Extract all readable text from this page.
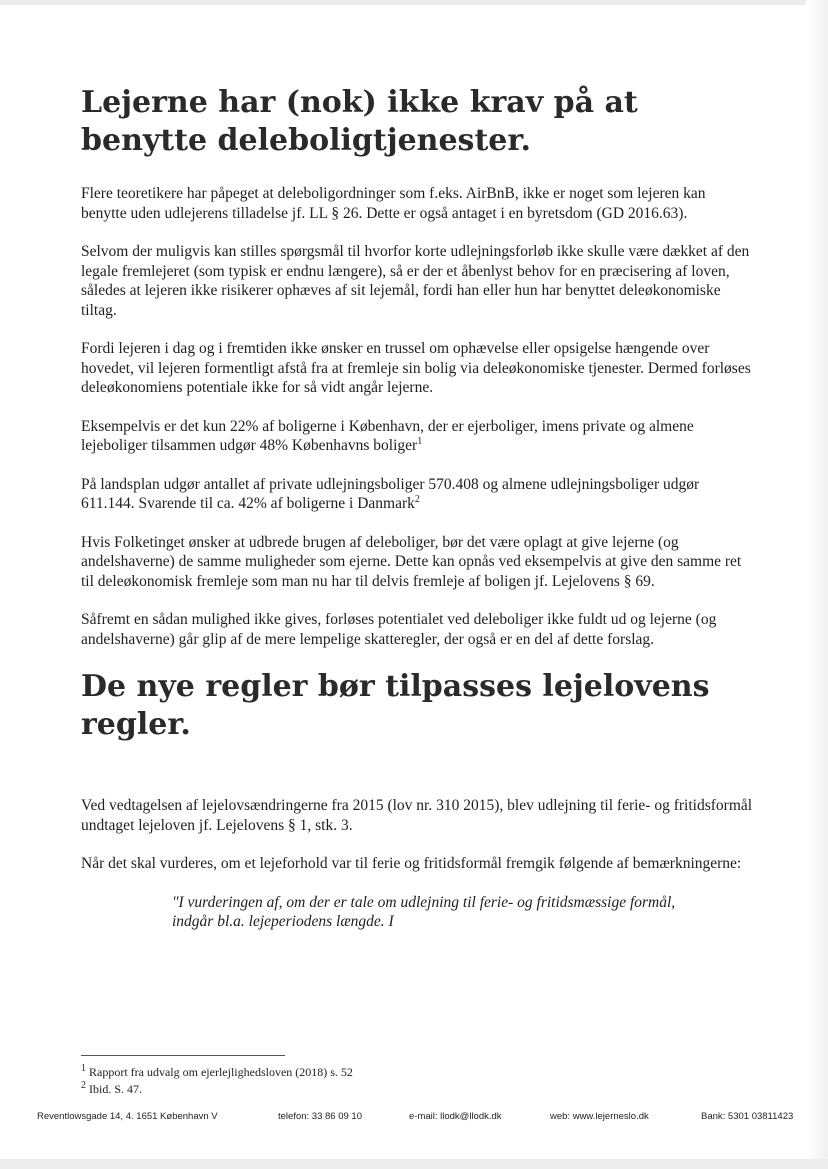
Lejerne har (nok) ikke krav på at benytte deleboligtjenester.

Flere teoretikere har påpeget at deleboligordninger som f.eks. AirBnB, ikke er noget som lejeren kan benytte uden udlejerens tilladelse jf. LL § 26. Dette er også antaget i en byretsdom (GD 2016.63).

Selvom der muligvis kan stilles spørgsmål til hvorfor korte udlejningsforløb ikke skulle være dækket af den legale fremlejeret (som typisk er endnu længere), så er der et åbenlyst behov for en præcisering af loven, således at lejeren ikke risikerer ophæves af sit lejemål, fordi han eller hun har benyttet deleøkonomiske tiltag.

Fordi lejeren i dag og i fremtiden ikke ønsker en trussel om ophævelse eller opsigelse hængende over hovedet, vil lejeren formentligt afstå fra at fremleje sin bolig via deleøkonomiske tjenester. Dermed forløses deleøkonomiens potentiale ikke for så vidt angår lejerne.

Eksempelvis er det kun 22% af boligerne i København, der er ejerboliger, imens private og almene lejeboliger tilsammen udgør 48% Københavns boliger$^1$

På landsplan udgør antallet af private udlejningsboliger 570.408 og almene udlejningsboliger udgør 611.144. Svarende til ca. 42% af boligerne i Danmark$^2$

Hvis Folketinget ønsker at udbrede brugen af deleboliger, bør det være oplagt at give lejerne (og andelshaverne) de samme muligheder som ejerne. Dette kan opnås ved eksempelvis at give den samme ret til deleøkonomisk fremleje som man nu har til delvis fremleje af boligen jf. Lejelovens § 69.

Såfremt en sådan mulighed ikke gives, forløses potentialet ved deleboliger ikke fuldt ud og lejerne (og andelshaverne) går glip af de mere lempelige skatteregler, der også er en del af dette forslag.

De nye regler bør tilpasses lejelovens regler.

Ved vedtagelsen af lejelovsændringerne fra 2015 (lov nr. 310 2015), blev udlejning til ferie- og fritidsformål undtaget lejeloven jf. Lejelovens § 1, stk. 3.

Når det skal vurderes, om et lejeforhold var til ferie og fritidsformål fremgik følgende af bemærkningerne:

"I vurderingen af, om der er tale om udlejning til ferie- og fritidsmæssige formål, indgår bl.a. lejeperiodens længde. I

$^1$ Rapport fra udvalg om ejerlejlighedsloven (2018) s. 52
$^2$ Ibid. S. 47.
Reventlowsgade 14, 4. 1651 København V	telefon: 33 86 09 10	e-mail: llodk@llodk.dk	web: www.lejerneslo.dk	Bank: 5301 03811423
